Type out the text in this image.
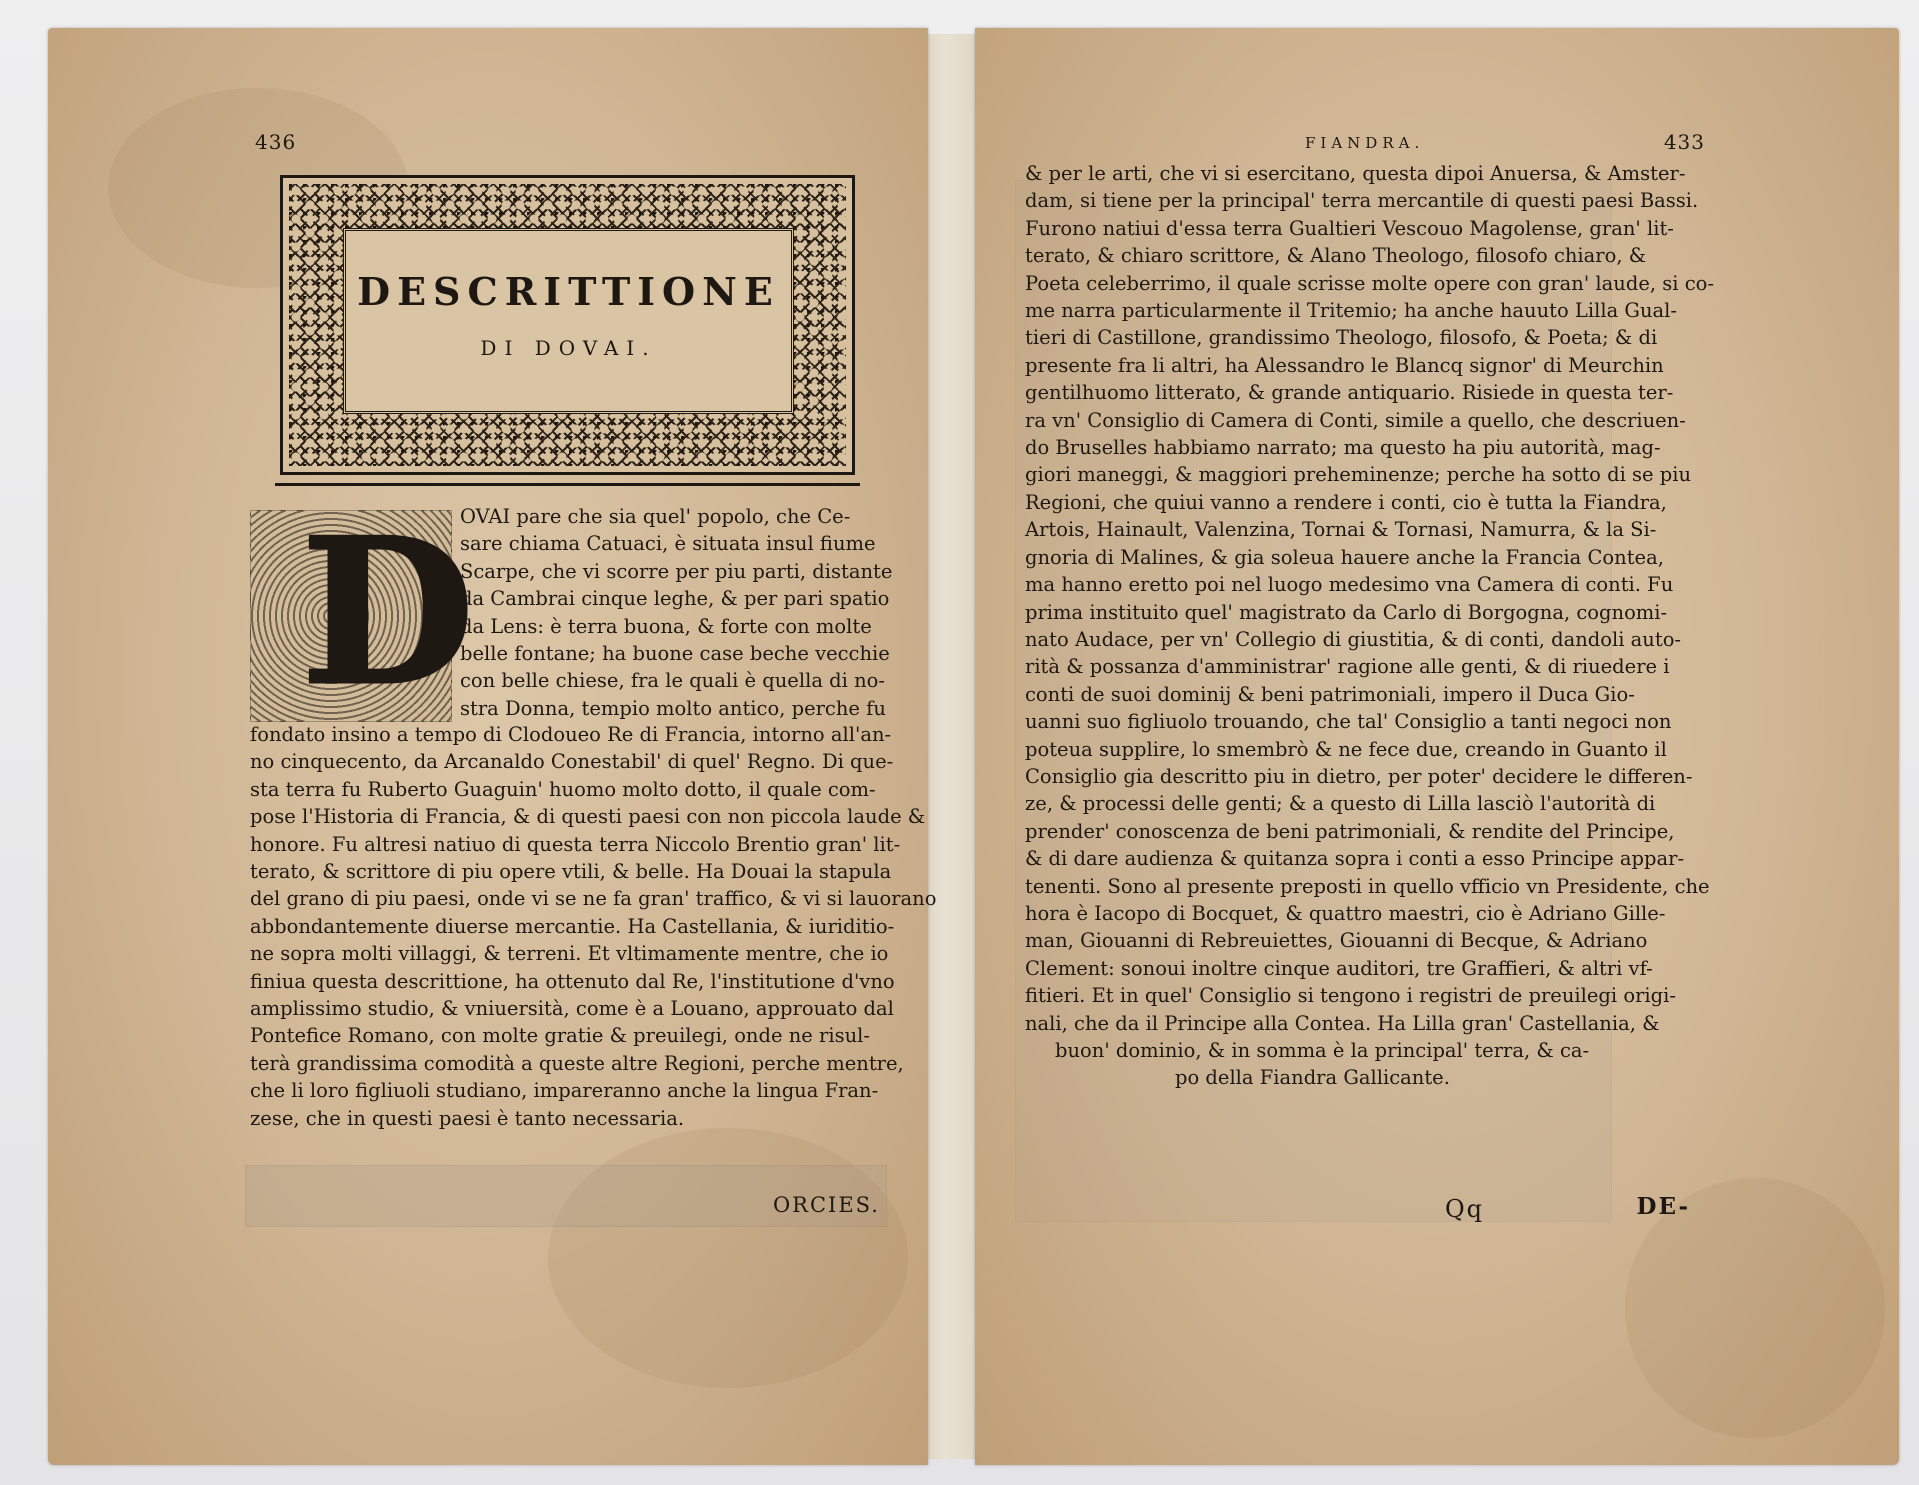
436
DESCRITTIONE
DI DOVAI.
D

OVAI pare che sia quel' popolo, che Ce-

sare chiama Catuaci, è situata insul fiume

Scarpe, che vi scorre per piu parti, distante

da Cambrai cinque leghe, & per pari spatio

da Lens: è terra buona, & forte con molte

belle fontane; ha buone case beche vecchie

con belle chiese, fra le quali è quella di no-

stra Donna, tempio molto antico, perche fu

fondato insino a tempo di Clodoueo Re di Francia, intorno all'an-

no cinquecento, da Arcanaldo Conestabil' di quel' Regno. Di que-

sta terra fu Ruberto Guaguin' huomo molto dotto, il quale com-

pose l'Historia di Francia, & di questi paesi con non piccola laude &

honore. Fu altresi natiuo di questa terra Niccolo Brentio gran' lit-

terato, & scrittore di piu opere vtili, & belle. Ha Douai la stapula

del grano di piu paesi, onde vi se ne fa gran' traffico, & vi si lauorano

abbondantemente diuerse mercantie. Ha Castellania, & iuriditio-

ne sopra molti villaggi, & terreni. Et vltimamente mentre, che io

finiua questa descrittione, ha ottenuto dal Re, l'institutione d'vno

amplissimo studio, & vniuersità, come è a Louano, approuato dal

Pontefice Romano, con molte gratie & preuilegi, onde ne risul-

terà grandissima comodità a queste altre Regioni, perche mentre,

che li loro figliuoli studiano, impareranno anche la lingua Fran-

zese, che in questi paesi è tanto necessaria.

ORCIES.
FIANDRA.	433

& per le arti, che vi si esercitano, questa dipoi Anuersa, & Amster-

dam, si tiene per la principal' terra mercantile di questi paesi Bassi.

Furono natiui d'essa terra Gualtieri Vescouo Magolense, gran' lit-

terato, & chiaro scrittore, & Alano Theologo, filosofo chiaro, &

Poeta celeberrimo, il quale scrisse molte opere con gran' laude, si co-

me narra particularmente il Tritemio; ha anche hauuto Lilla Gual-

tieri di Castillone, grandissimo Theologo, filosofo, & Poeta; & di

presente fra li altri, ha Alessandro le Blancq signor' di Meurchin

gentilhuomo litterato, & grande antiquario. Risiede in questa ter-

ra vn' Consiglio di Camera di Conti, simile a quello, che descriuen-

do Bruselles habbiamo narrato; ma questo ha piu autorità, mag-

giori maneggi, & maggiori preheminenze; perche ha sotto di se piu

Regioni, che quiui vanno a rendere i conti, cio è tutta la Fiandra,

Artois, Hainault, Valenzina, Tornai & Tornasi, Namurra, & la Si-

gnoria di Malines, & gia soleua hauere anche la Francia Contea,

ma hanno eretto poi nel luogo medesimo vna Camera di conti. Fu

prima instituito quel' magistrato da Carlo di Borgogna, cognomi-

nato Audace, per vn' Collegio di giustitia, & di conti, dandoli auto-

rità & possanza d'amministrar' ragione alle genti, & di riuedere i

conti de suoi dominij & beni patrimoniali, impero il Duca Gio-

uanni suo figliuolo trouando, che tal' Consiglio a tanti negoci non

poteua supplire, lo smembrò & ne fece due, creando in Guanto il

Consiglio gia descritto piu in dietro, per poter' decidere le differen-

ze, & processi delle genti; & a questo di Lilla lasciò l'autorità di

prender' conoscenza de beni patrimoniali, & rendite del Principe,

& di dare audienza & quitanza sopra i conti a esso Principe appar-

tenenti. Sono al presente preposti in quello vfficio vn Presidente, che

hora è Iacopo di Bocquet, & quattro maestri, cio è Adriano Gille-

man, Giouanni di Rebreuiettes, Giouanni di Becque, & Adriano

Clement: sonoui inoltre cinque auditori, tre Graffieri, & altri vf-

fitieri. Et in quel' Consiglio si tengono i registri de preuilegi origi-

nali, che da il Principe alla Contea. Ha Lilla gran' Castellania, &

buon' dominio, & in somma è la principal' terra, & ca-

po della Fiandra Gallicante.

Qq	DE-
